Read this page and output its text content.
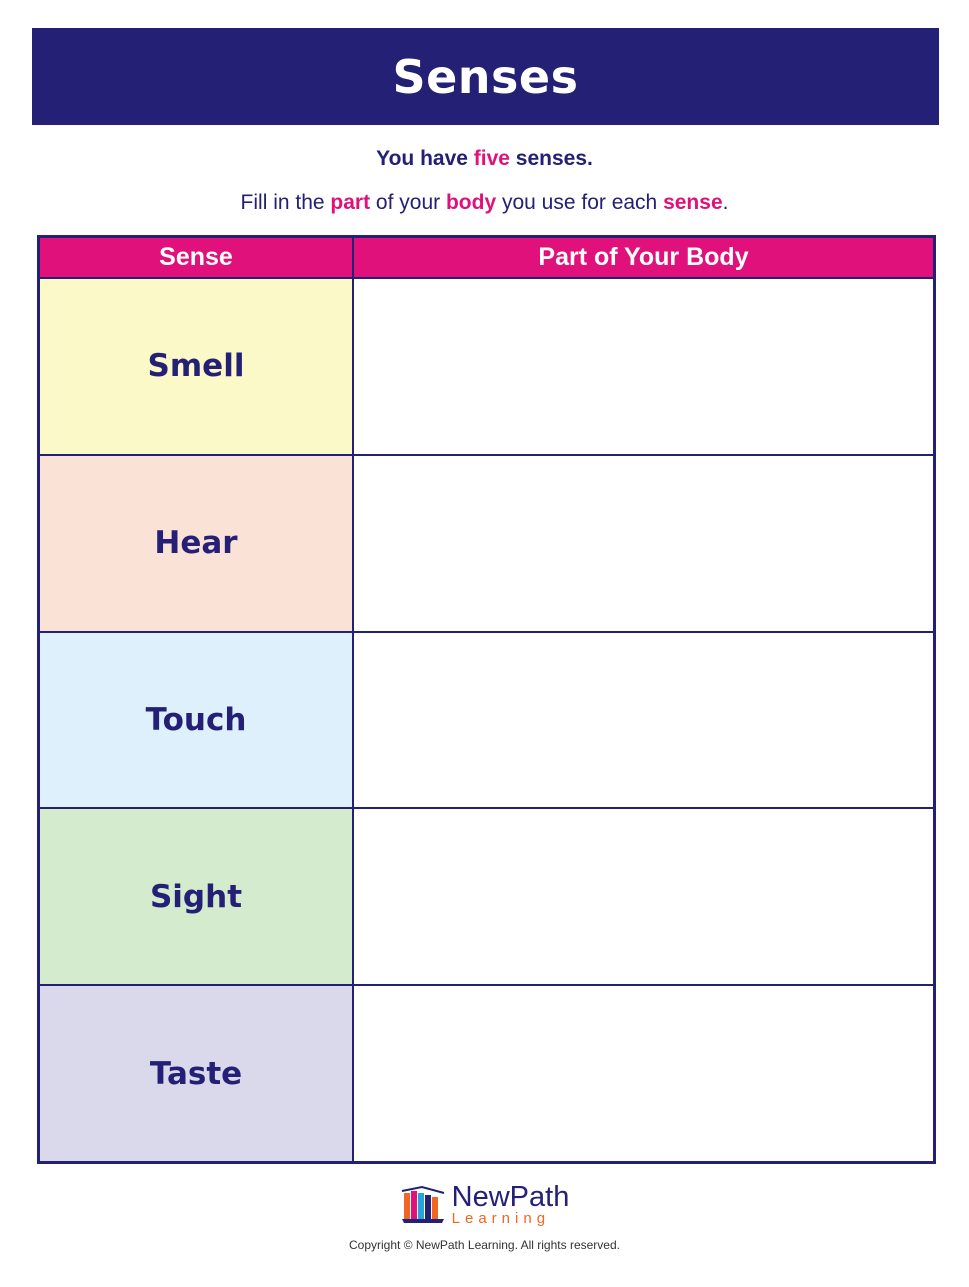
Senses
You have five senses.
Fill in the part of your body you use for each sense.
Sense	Part of Your Body
Smell
Hear
Touch
Sight
Taste
NewPath
Learning
Copyright © NewPath Learning. All rights reserved.
